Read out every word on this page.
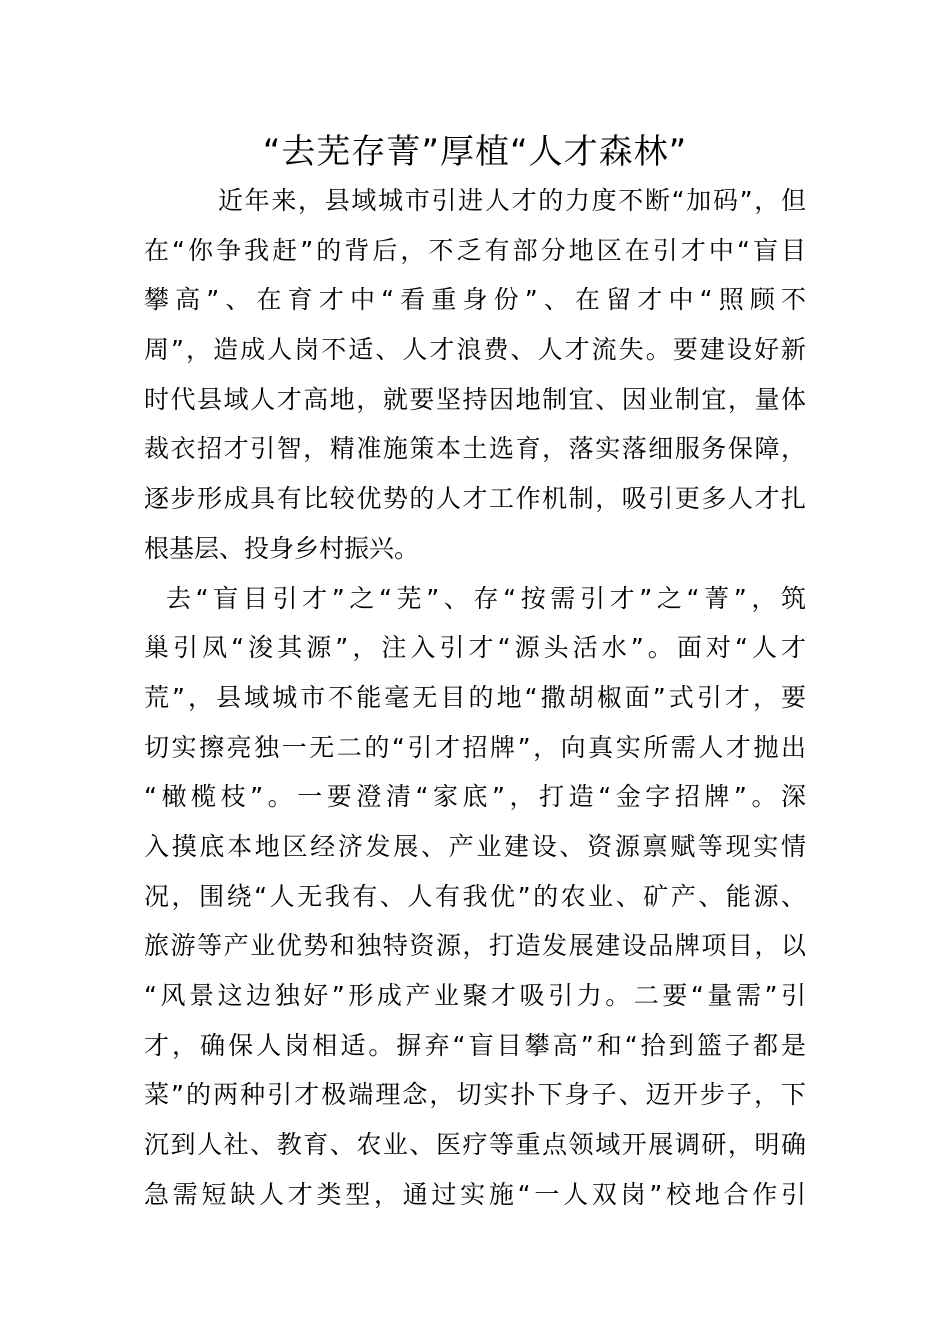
“去芜存菁”厚植“人才森林”
近年来，县域城市引进人才的力度不断“加码”，但
在“你争我赶”的背后，不乏有部分地区在引才中“盲目
攀高”、在育才中“看重身份”、在留才中“照顾不
周”，造成人岗不适、人才浪费、人才流失。要建设好新
时代县域人才高地，就要坚持因地制宜、因业制宜，量体
裁衣招才引智，精准施策本土选育，落实落细服务保障，
逐步形成具有比较优势的人才工作机制，吸引更多人才扎
根基层、投身乡村振兴。
去“盲目引才”之“芜”、存“按需引才”之“菁”，筑
巢引凤“浚其源”，注入引才“源头活水”。面对“人才
荒”，县域城市不能毫无目的地“撒胡椒面”式引才，要
切实擦亮独一无二的“引才招牌”，向真实所需人才抛出
“橄榄枝”。一要澄清“家底”，打造“金字招牌”。深
入摸底本地区经济发展、产业建设、资源禀赋等现实情
况，围绕“人无我有、人有我优”的农业、矿产、能源、
旅游等产业优势和独特资源，打造发展建设品牌项目，以
“风景这边独好”形成产业聚才吸引力。二要“量需”引
才，确保人岗相适。摒弃“盲目攀高”和“拾到篮子都是
菜”的两种引才极端理念，切实扑下身子、迈开步子，下
沉到人社、教育、农业、医疗等重点领域开展调研，明确
急需短缺人才类型，通过实施“一人双岗”校地合作引
